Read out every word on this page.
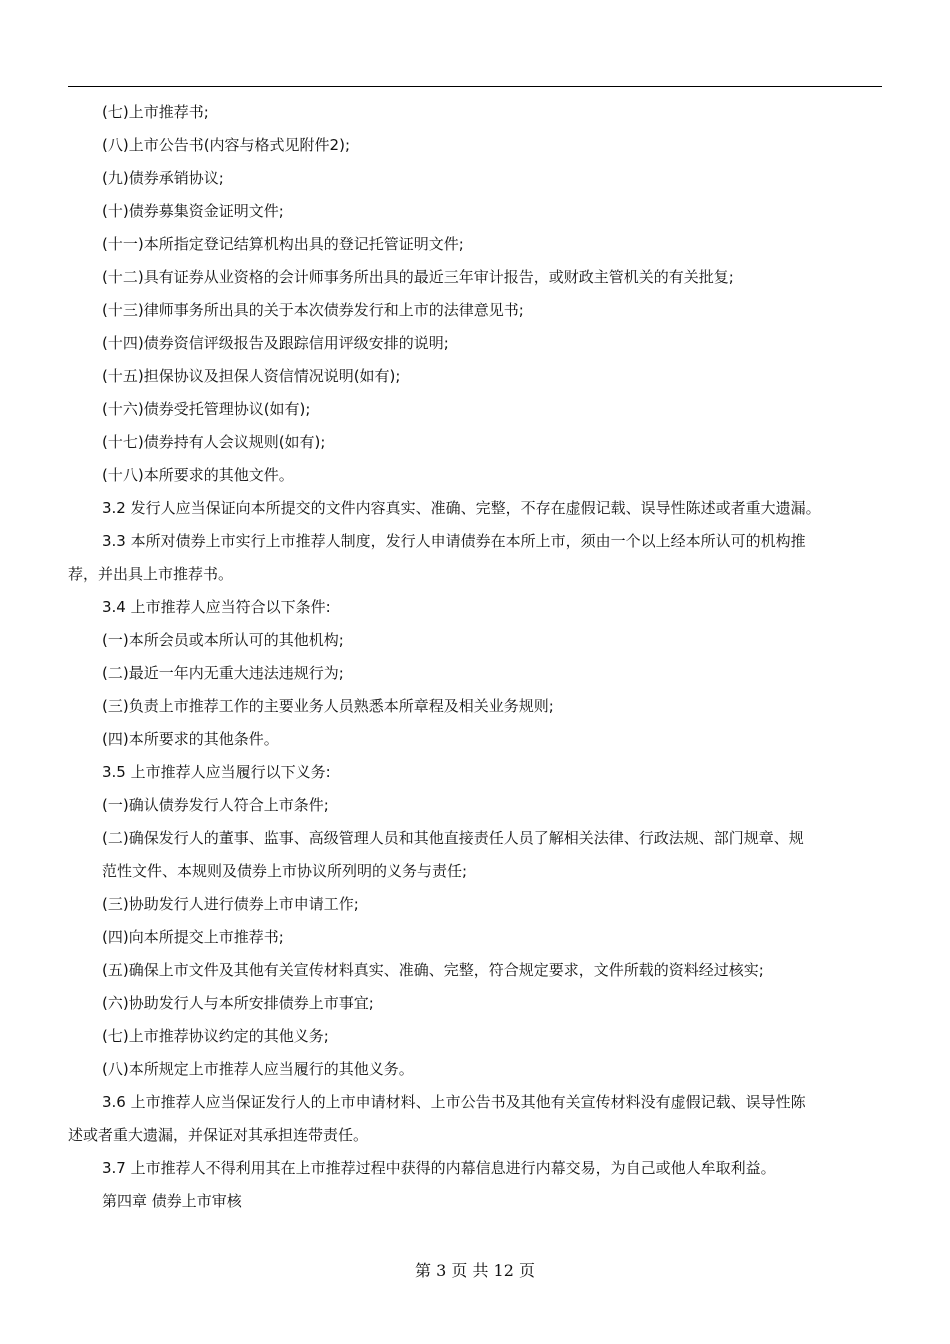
(七)上市推荐书;
(八)上市公告书(内容与格式见附件2);
(九)债券承销协议;
(十)债券募集资金证明文件;
(十一)本所指定登记结算机构出具的登记托管证明文件;
(十二)具有证券从业资格的会计师事务所出具的最近三年审计报告，或财政主管机关的有关批复;
(十三)律师事务所出具的关于本次债券发行和上市的法律意见书;
(十四)债券资信评级报告及跟踪信用评级安排的说明;
(十五)担保协议及担保人资信情况说明(如有);
(十六)债券受托管理协议(如有);
(十七)债券持有人会议规则(如有);
(十八)本所要求的其他文件。
3.2 发行人应当保证向本所提交的文件内容真实、准确、完整，不存在虚假记载、误导性陈述或者重大遗漏。
3.3 本所对债券上市实行上市推荐人制度，发行人申请债券在本所上市，须由一个以上经本所认可的机构推
荐，并出具上市推荐书。
3.4 上市推荐人应当符合以下条件:
(一)本所会员或本所认可的其他机构;
(二)最近一年内无重大违法违规行为;
(三)负责上市推荐工作的主要业务人员熟悉本所章程及相关业务规则;
(四)本所要求的其他条件。
3.5 上市推荐人应当履行以下义务:
(一)确认债券发行人符合上市条件;
(二)确保发行人的董事、监事、高级管理人员和其他直接责任人员了解相关法律、行政法规、部门规章、规
范性文件、本规则及债券上市协议所列明的义务与责任;
(三)协助发行人进行债券上市申请工作;
(四)向本所提交上市推荐书;
(五)确保上市文件及其他有关宣传材料真实、准确、完整，符合规定要求，文件所载的资料经过核实;
(六)协助发行人与本所安排债券上市事宜;
(七)上市推荐协议约定的其他义务;
(八)本所规定上市推荐人应当履行的其他义务。
3.6 上市推荐人应当保证发行人的上市申请材料、上市公告书及其他有关宣传材料没有虚假记载、误导性陈
述或者重大遗漏，并保证对其承担连带责任。
3.7 上市推荐人不得利用其在上市推荐过程中获得的内幕信息进行内幕交易，为自己或他人牟取利益。
第四章 债券上市审核
第 3 页 共 12 页
